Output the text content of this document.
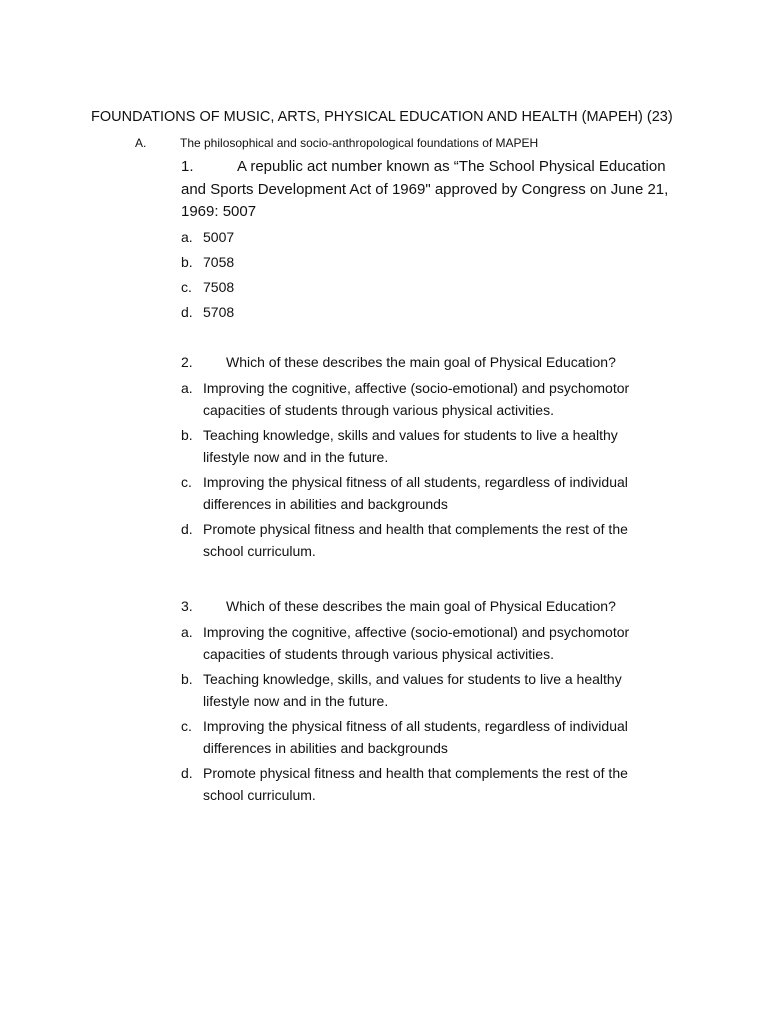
FOUNDATIONS OF MUSIC, ARTS, PHYSICAL EDUCATION AND HEALTH (MAPEH) (23)
A.	The philosophical and socio-anthropological foundations of MAPEH
1.	A republic act number known as “The School Physical Education and Sports Development Act of 1969" approved by Congress on June 21, 1969: 5007
a. 5007
b. 7058
c. 7508
d. 5708
2. Which of these describes the main goal of Physical Education?
a. Improving the cognitive, affective (socio-emotional) and psychomotor capacities of students through various physical activities.
b. Teaching knowledge, skills and values for students to live a healthy lifestyle now and in the future.
c. Improving the physical fitness of all students, regardless of individual differences in abilities and backgrounds
d. Promote physical fitness and health that complements the rest of the school curriculum.
3. Which of these describes the main goal of Physical Education?
a. Improving the cognitive, affective (socio-emotional) and psychomotor capacities of students through various physical activities.
b. Teaching knowledge, skills, and values for students to live a healthy lifestyle now and in the future.
c. Improving the physical fitness of all students, regardless of individual differences in abilities and backgrounds
d. Promote physical fitness and health that complements the rest of the school curriculum.
